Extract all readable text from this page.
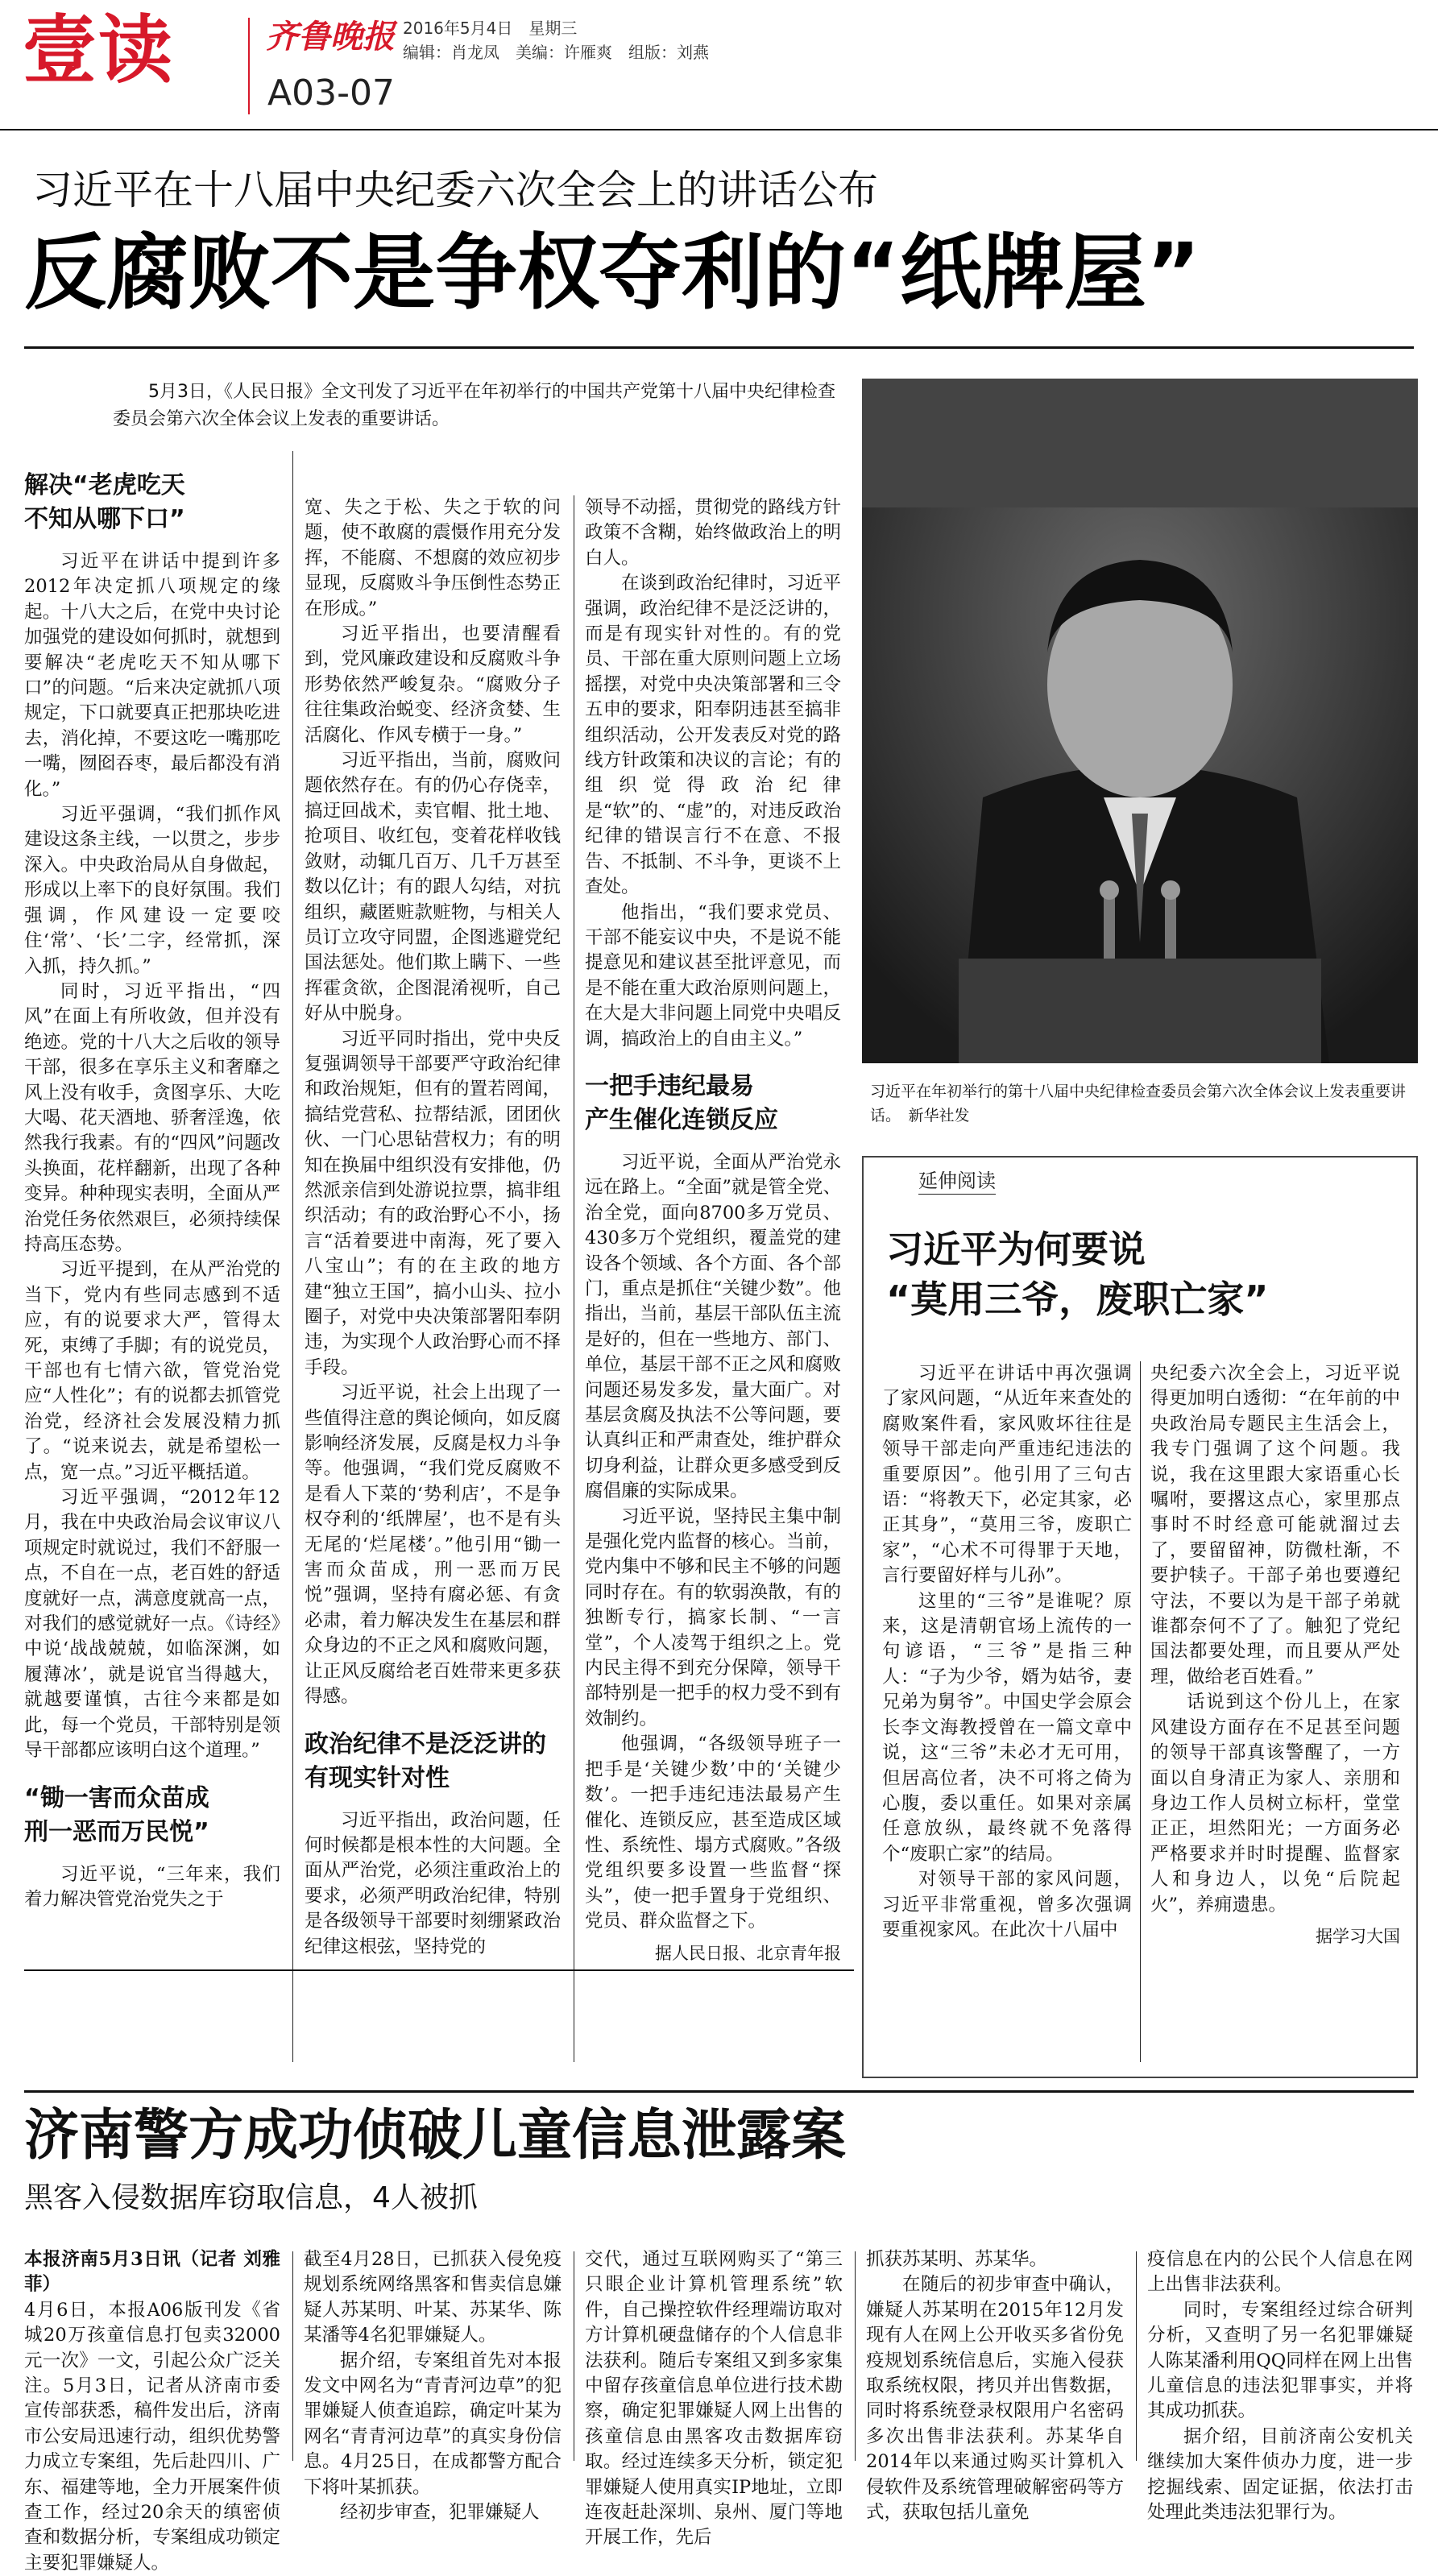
壹读	齐鲁晚报 2016年5月4日　星期三
编辑：肖龙凤　美编：许雁爽　组版：刘燕
A03-07
习近平在十八届中央纪委六次全会上的讲话公布
反腐败不是争权夺利的“纸牌屋”
5月3日，《人民日报》全文刊发了习近平在年初举行的中国共产党第十八届中央纪律检查委员会第六次全体会议上发表的重要讲话。
解决“老虎吃天
不知从哪下口”

习近平在讲话中提到许多2012年决定抓八项规定的缘起。十八大之后，在党中央讨论加强党的建设如何抓时，就想到要解决“老虎吃天不知从哪下口”的问题。“后来决定就抓八项规定，下口就要真正把那块吃进去，消化掉，不要这吃一嘴那吃一嘴，囫囵吞枣，最后都没有消化。”

习近平强调，“我们抓作风建设这条主线，一以贯之，步步深入。中央政治局从自身做起，形成以上率下的良好氛围。我们强调，作风建设一定要咬住‘常’、‘长’二字，经常抓，深入抓，持久抓。”

同时，习近平指出，“四风”在面上有所收敛，但并没有绝迹。党的十八大之后收的领导干部，很多在享乐主义和奢靡之风上没有收手，贪图享乐、大吃大喝、花天酒地、骄奢淫逸，依然我行我素。有的“四风”问题改头换面，花样翻新，出现了各种变异。种种现实表明，全面从严治党任务依然艰巨，必须持续保持高压态势。

习近平提到，在从严治党的当下，党内有些同志感到不适应，有的说要求大严，管得太死，束缚了手脚；有的说党员，干部也有七情六欲，管党治党应“人性化”；有的说都去抓管党治党，经济社会发展没精力抓了。“说来说去，就是希望松一点，宽一点。”习近平概括道。

习近平强调，“2012年12月，我在中央政治局会议审议八项规定时就说过，我们不舒服一点，不自在一点，老百姓的舒适度就好一点，满意度就高一点，对我们的感觉就好一点。《诗经》中说‘战战兢兢，如临深渊，如履薄冰’，就是说官当得越大，就越要谨慎，古往今来都是如此，每一个党员，干部特别是领导干部都应该明白这个道理。”

“锄一害而众苗成
刑一恶而万民悦”

习近平说，“三年来，我们着力解决管党治党失之于

宽、失之于松、失之于软的问题，使不敢腐的震慑作用充分发挥，不能腐、不想腐的效应初步显现，反腐败斗争压倒性态势正在形成。”

习近平指出，也要清醒看到，党风廉政建设和反腐败斗争形势依然严峻复杂。“腐败分子往往集政治蜕变、经济贪婪、生活腐化、作风专横于一身。”

习近平指出，当前，腐败问题依然存在。有的仍心存侥幸，搞迂回战术，卖官帽、批土地、抢项目、收红包，变着花样收钱敛财，动辄几百万、几千万甚至数以亿计；有的跟人勾结，对抗组织，藏匿赃款赃物，与相关人员订立攻守同盟，企图逃避党纪国法惩处。他们欺上瞒下、一些挥霍贪欲，企图混淆视听，自己好从中脱身。

习近平同时指出，党中央反复强调领导干部要严守政治纪律和政治规矩，但有的置若罔闻，搞结党营私、拉帮结派，团团伙伙、一门心思钻营权力；有的明知在换届中组织没有安排他，仍然派亲信到处游说拉票，搞非组织活动；有的政治野心不小，扬言“活着要进中南海，死了要入八宝山”；有的在主政的地方建“独立王国”，搞小山头、拉小圈子，对党中央决策部署阳奉阴违，为实现个人政治野心而不择手段。

习近平说，社会上出现了一些值得注意的舆论倾向，如反腐影响经济发展，反腐是权力斗争等。他强调，“我们党反腐败不是看人下菜的‘势利店’，不是争权夺利的‘纸牌屋’，也不是有头无尾的‘烂尾楼’。”他引用“锄一害而众苗成，刑一恶而万民悦”强调，坚持有腐必惩、有贪必肃，着力解决发生在基层和群众身边的不正之风和腐败问题，让正风反腐给老百姓带来更多获得感。

政治纪律不是泛泛讲的
有现实针对性

习近平指出，政治问题，任何时候都是根本性的大问题。全面从严治党，必须注重政治上的要求，必须严明政治纪律，特别是各级领导干部要时刻绷紧政治纪律这根弦，坚持党的

领导不动摇，贯彻党的路线方针政策不含糊，始终做政治上的明白人。

在谈到政治纪律时，习近平强调，政治纪律不是泛泛讲的，而是有现实针对性的。有的党员、干部在重大原则问题上立场摇摆，对党中央决策部署和三令五申的要求，阳奉阴违甚至搞非组织活动，公开发表反对党的路线方针政策和决议的言论；有的组织觉得政治纪律是“软”的、“虚”的，对违反政治纪律的错误言行不在意、不报告、不抵制、不斗争，更谈不上查处。

他指出，“我们要求党员、干部不能妄议中央，不是说不能提意见和建议甚至批评意见，而是不能在重大政治原则问题上，在大是大非问题上同党中央唱反调，搞政治上的自由主义。”

一把手违纪最易
产生催化连锁反应

习近平说，全面从严治党永远在路上。“全面”就是管全党、治全党，面向8700多万党员、430多万个党组织，覆盖党的建设各个领域、各个方面、各个部门，重点是抓住“关键少数”。他指出，当前，基层干部队伍主流是好的，但在一些地方、部门、单位，基层干部不正之风和腐败问题还易发多发，量大面广。对基层贪腐及执法不公等问题，要认真纠正和严肃查处，维护群众切身利益，让群众更多感受到反腐倡廉的实际成果。

习近平说，坚持民主集中制是强化党内监督的核心。当前，党内集中不够和民主不够的问题同时存在。有的软弱涣散，有的独断专行，搞家长制、“一言堂”，个人凌驾于组织之上。党内民主得不到充分保障，领导干部特别是一把手的权力受不到有效制约。

他强调，“各级领导班子一把手是‘关键少数’中的‘关键少数’。一把手违纪违法最易产生催化、连锁反应，甚至造成区域性、系统性、塌方式腐败。”各级党组织要多设置一些监督“探头”，使一把手置身于党组织、党员、群众监督之下。

据人民日报、北京青年报

习近平在年初举行的第十八届中央纪律检查委员会第六次全体会议上发表重要讲话。　新华社发
延伸阅读
习近平为何要说
“莫用三爷，废职亡家”

习近平在讲话中再次强调了家风问题，“从近年来查处的腐败案件看，家风败坏往往是领导干部走向严重违纪违法的重要原因”。他引用了三句古语：“将教天下，必定其家，必正其身”，“莫用三爷，废职亡家”，“心术不可得罪于天地，言行要留好样与儿孙”。

这里的“三爷”是谁呢？原来，这是清朝官场上流传的一句谚语，“三爷”是指三种人：“子为少爷，婿为姑爷，妻兄弟为舅爷”。中国史学会原会长李文海教授曾在一篇文章中说，这“三爷”未必才无可用，但居高位者，决不可将之倚为心腹，委以重任。如果对亲属任意放纵，最终就不免落得个“废职亡家”的结局。

对领导干部的家风问题，习近平非常重视，曾多次强调要重视家风。在此次十八届中

央纪委六次全会上，习近平说得更加明白透彻：“在年前的中央政治局专题民主生活会上，我专门强调了这个问题。我说，我在这里跟大家语重心长嘱咐，要撂这点心，家里那点事时不时经意可能就溜过去了，要留留神，防微杜渐，不要护犊子。干部子弟也要遵纪守法，不要以为是干部子弟就谁都奈何不了了。触犯了党纪国法都要处理，而且要从严处理，做给老百姓看。”

话说到这个份儿上，在家风建设方面存在不足甚至问题的领导干部真该警醒了，一方面以自身清正为家人、亲朋和身边工作人员树立标杆，堂堂正正，坦然阳光；一方面务必严格要求并时时提醒、监督家人和身边人，以免“后院起火”，养痈遗患。

据学习大国

济南警方成功侦破儿童信息泄露案
黑客入侵数据库窃取信息，4人被抓

本报济南5月3日讯（记者 刘雅菲）

4月6日，本报A06版刊发《省城20万孩童信息打包卖32000元一次》一文，引起公众广泛关注。5月3日，记者从济南市委宣传部获悉，稿件发出后，济南市公安局迅速行动，组织优势警力成立专案组，先后赴四川、广东、福建等地，全力开展案件侦查工作，经过20余天的缜密侦查和数据分析，专案组成功锁定主要犯罪嫌疑人。

截至4月28日，已抓获入侵免疫规划系统网络黑客和售卖信息嫌疑人苏某明、叶某、苏某华、陈某潘等4名犯罪嫌疑人。

据介绍，专案组首先对本报发文中网名为“青青河边草”的犯罪嫌疑人侦查追踪，确定叶某为网名“青青河边草”的真实身份信息。4月25日，在成都警方配合下将叶某抓获。

经初步审查，犯罪嫌疑人

交代，通过互联网购买了“第三只眼企业计算机管理系统”软件，自己操控软件经理端访取对方计算机硬盘储存的个人信息非法获利。随后专案组又到多家集中留存孩童信息单位进行技术勘察，确定犯罪嫌疑人网上出售的孩童信息由黑客攻击数据库窃取。经过连续多天分析，锁定犯罪嫌疑人使用真实IP地址，立即连夜赶赴深圳、泉州、厦门等地开展工作，先后

抓获苏某明、苏某华。

在随后的初步审查中确认，嫌疑人苏某明在2015年12月发现有人在网上公开收买多省份免疫规划系统信息后，实施入侵获取系统权限，拷贝并出售数据，同时将系统登录权限用户名密码多次出售非法获利。苏某华自2014年以来通过购买计算机入侵软件及系统管理破解密码等方式，获取包括儿童免

疫信息在内的公民个人信息在网上出售非法获利。

同时，专案组经过综合研判分析，又查明了另一名犯罪嫌疑人陈某潘利用QQ同样在网上出售儿童信息的违法犯罪事实，并将其成功抓获。

据介绍，目前济南公安机关继续加大案件侦办力度，进一步挖掘线索、固定证据，依法打击处理此类违法犯罪行为。
